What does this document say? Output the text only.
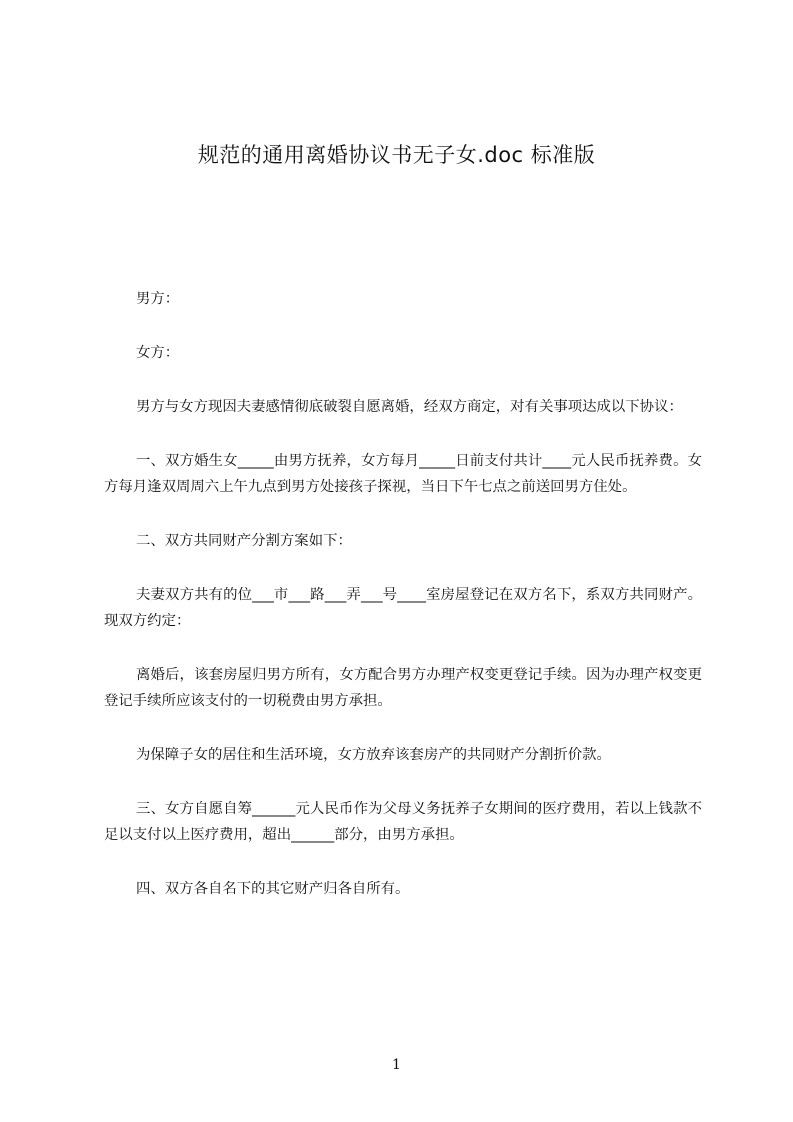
规范的通用离婚协议书无子女.doc 标准版

男方：

女方：

男方与女方现因夫妻感情彻底破裂自愿离婚，经双方商定，对有关事项达成以下协议：

一、双方婚生女_____由男方抚养，女方每月_____日前支付共计____元人民币抚养费。女方每月逢双周周六上午九点到男方处接孩子探视，当日下午七点之前送回男方住处。

二、双方共同财产分割方案如下：

夫妻双方共有的位___市___路___弄___号____室房屋登记在双方名下，系双方共同财产。现双方约定：

离婚后，该套房屋归男方所有，女方配合男方办理产权变更登记手续。因为办理产权变更登记手续所应该支付的一切税费由男方承担。

为保障子女的居住和生活环境，女方放弃该套房产的共同财产分割折价款。

三、女方自愿自筹______元人民币作为父母义务抚养子女期间的医疗费用，若以上钱款不足以支付以上医疗费用，超出______部分，由男方承担。

四、双方各自名下的其它财产归各自所有。

1
